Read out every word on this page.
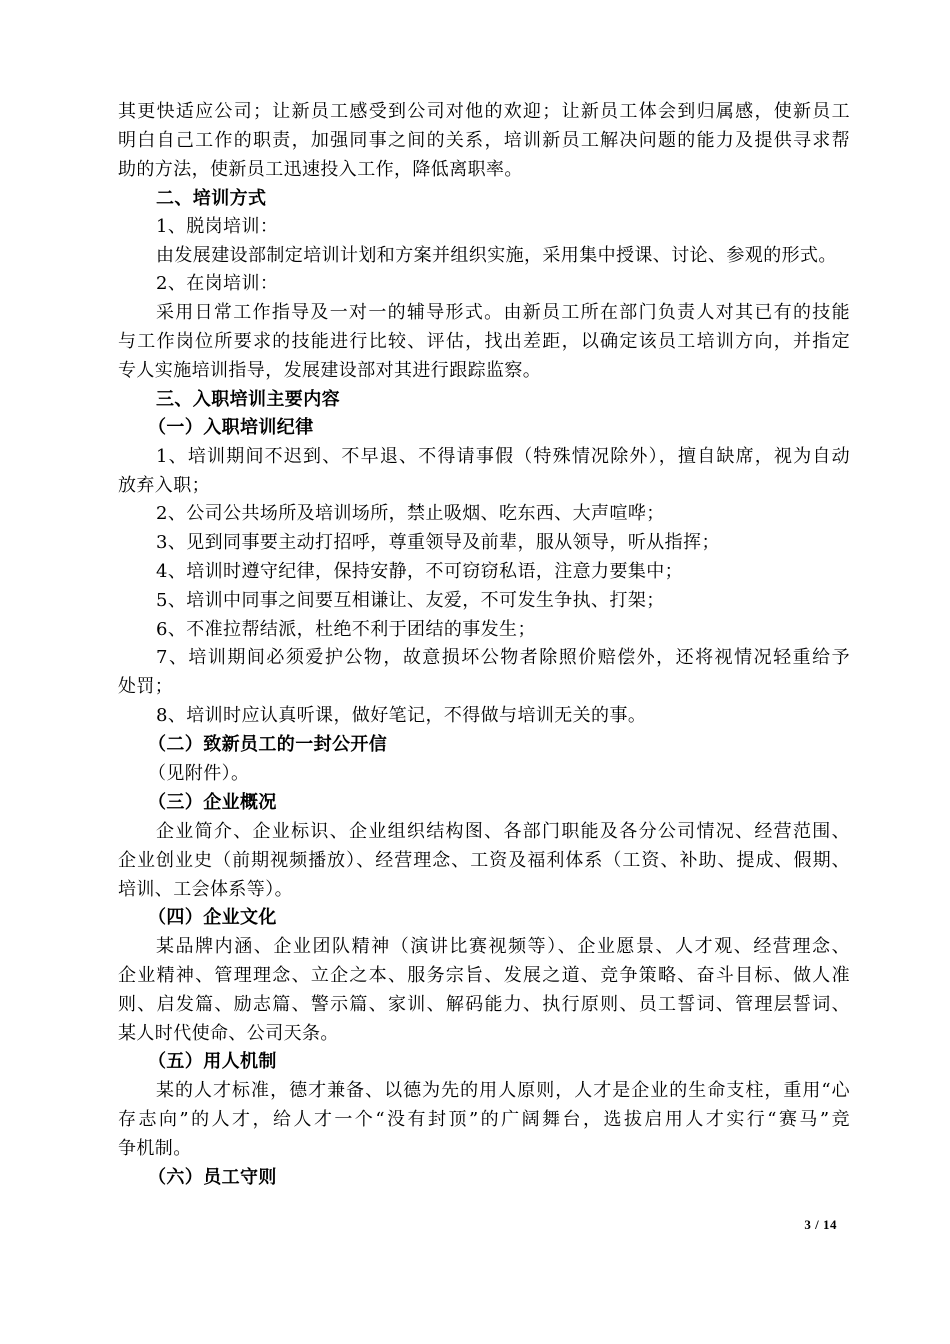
其更快适应公司；让新员工感受到公司对他的欢迎；让新员工体会到归属感，使新员工
明白自己工作的职责，加强同事之间的关系，培训新员工解决问题的能力及提供寻求帮
助的方法，使新员工迅速投入工作，降低离职率。
二、培训方式
1、脱岗培训：
由发展建设部制定培训计划和方案并组织实施，采用集中授课、讨论、参观的形式。
2、在岗培训：
采用日常工作指导及一对一的辅导形式。由新员工所在部门负责人对其已有的技能
与工作岗位所要求的技能进行比较、评估，找出差距，以确定该员工培训方向，并指定
专人实施培训指导，发展建设部对其进行跟踪监察。
三、入职培训主要内容
（一）入职培训纪律
1、培训期间不迟到、不早退、不得请事假（特殊情况除外），擅自缺席，视为自动
放弃入职；
2、公司公共场所及培训场所，禁止吸烟、吃东西、大声喧哗；
3、见到同事要主动打招呼，尊重领导及前辈，服从领导，听从指挥；
4、培训时遵守纪律，保持安静，不可窃窃私语，注意力要集中；
5、培训中同事之间要互相谦让、友爱，不可发生争执、打架；
6、不准拉帮结派，杜绝不利于团结的事发生；
7、培训期间必须爱护公物，故意损坏公物者除照价赔偿外，还将视情况轻重给予
处罚；
8、培训时应认真听课，做好笔记，不得做与培训无关的事。
（二）致新员工的一封公开信
（见附件）。
（三）企业概况
企业简介、企业标识、企业组织结构图、各部门职能及各分公司情况、经营范围、
企业创业史（前期视频播放）、经营理念、工资及福利体系（工资、补助、提成、假期、
培训、工会体系等）。
（四）企业文化
某品牌内涵、企业团队精神（演讲比赛视频等）、企业愿景、人才观、经营理念、
企业精神、管理理念、立企之本、服务宗旨、发展之道、竞争策略、奋斗目标、做人准
则、启发篇、励志篇、警示篇、家训、解码能力、执行原则、员工誓词、管理层誓词、
某人时代使命、公司天条。
（五）用人机制
某的人才标准，德才兼备、以德为先的用人原则，人才是企业的生命支柱，重用“心
存志向”的人才，给人才一个“没有封顶”的广阔舞台，选拔启用人才实行“赛马”竞
争机制。
（六）员工守则
3 / 14
